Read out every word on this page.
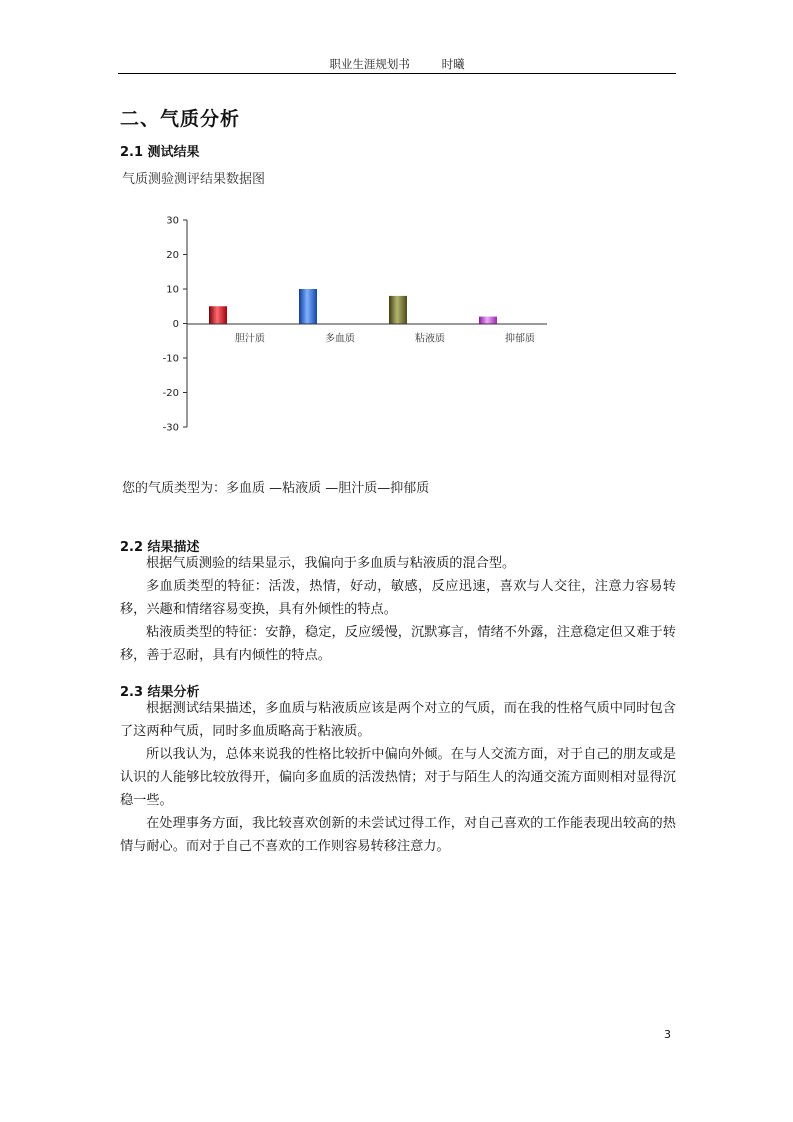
职业生涯规划书	时曦
二、气质分析
2.1 测试结果
气质测验测评结果数据图
30
20
10
0
-10
-20
-30
胆汁质	多血质	粘液质	抑郁质
您的气质类型为：多血质 —粘液质 —胆汁质—抑郁质
2.2 结果描述
根据气质测验的结果显示，我偏向于多血质与粘液质的混合型。
多血质类型的特征：活泼，热情，好动，敏感，反应迅速，喜欢与人交往，注意力容易转移，兴趣和情绪容易变换，具有外倾性的特点。
粘液质类型的特征：安静，稳定，反应缓慢，沉默寡言，情绪不外露，注意稳定但又难于转移，善于忍耐，具有内倾性的特点。
2.3 结果分析
根据测试结果描述，多血质与粘液质应该是两个对立的气质，而在我的性格气质中同时包含了这两种气质，同时多血质略高于粘液质。
所以我认为，总体来说我的性格比较折中偏向外倾。在与人交流方面，对于自己的朋友或是认识的人能够比较放得开，偏向多血质的活泼热情；对于与陌生人的沟通交流方面则相对显得沉稳一些。
在处理事务方面，我比较喜欢创新的未尝试过得工作，对自己喜欢的工作能表现出较高的热情与耐心。而对于自己不喜欢的工作则容易转移注意力。
3
